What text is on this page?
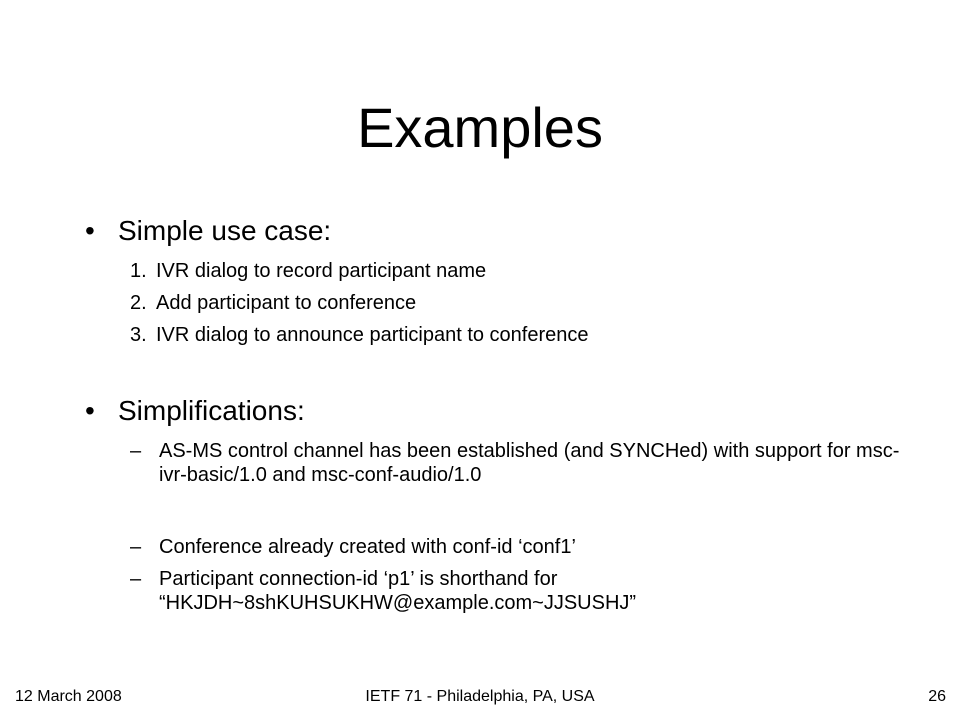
Examples
• Simple use case:
1. IVR dialog to record participant name
2. Add participant to conference
3. IVR dialog to announce participant to conference
• Simplifications:
– AS-MS control channel has been established (and SYNCHed) with support for msc-ivr-basic/1.0 and msc-conf-audio/1.0
– Conference already created with conf-id ‘conf1’
– Participant connection-id ‘p1’ is shorthand for “HKJDH~8shKUHSUKHW@example.com~JJSUSHJ”
12 March 2008	IETF 71 - Philadelphia, PA, USA	26
